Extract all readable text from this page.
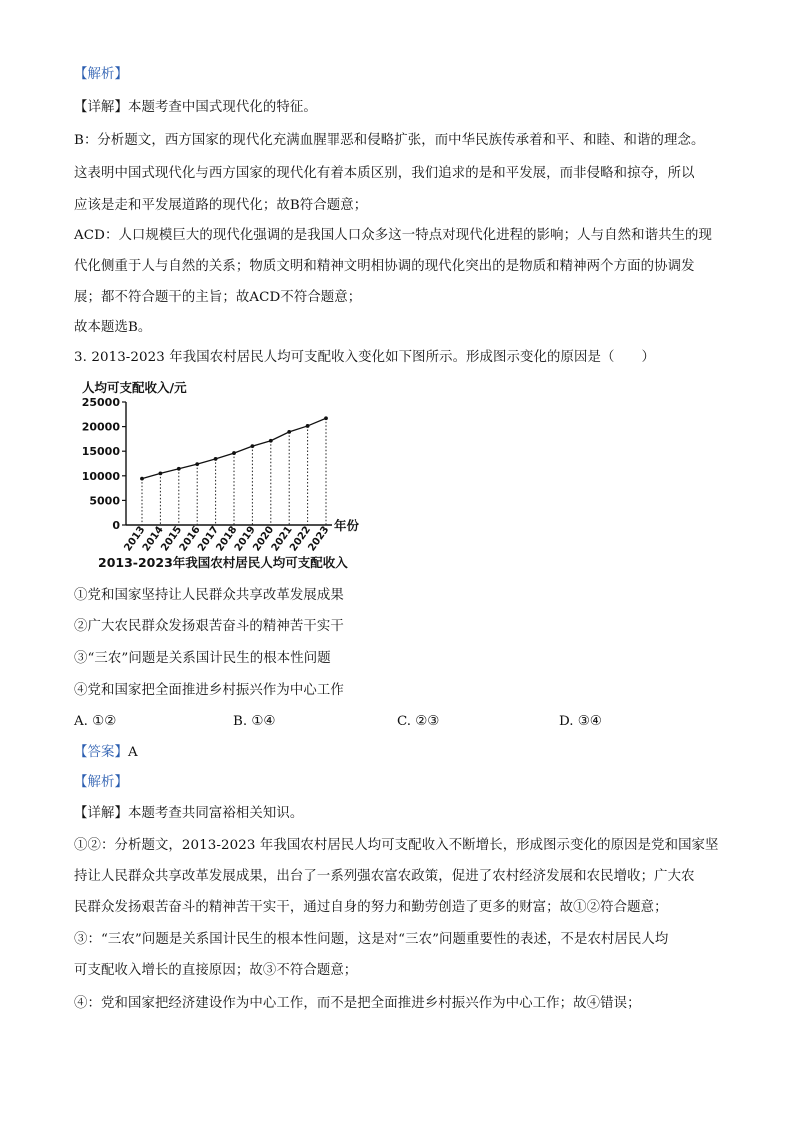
【解析】
【详解】本题考查中国式现代化的特征。
B：分析题文，西方国家的现代化充满血腥罪恶和侵略扩张，而中华民族传承着和平、和睦、和谐的理念。
这表明中国式现代化与西方国家的现代化有着本质区别，我们追求的是和平发展，而非侵略和掠夺，所以
应该是走和平发展道路的现代化；故B符合题意；
ACD：人口规模巨大的现代化强调的是我国人口众多这一特点对现代化进程的影响；人与自然和谐共生的现
代化侧重于人与自然的关系；物质文明和精神文明相协调的现代化突出的是物质和精神两个方面的协调发
展；都不符合题干的主旨；故ACD不符合题意；
故本题选B。
3. 2013-2023 年我国农村居民人均可支配收入变化如下图所示。形成图示变化的原因是（　　）
人均可支配收入/元
25000
20000
15000
10000
5000
0 2013
2014
2015
2016
2017
2018
2019
2020
2021
2022
2023 年份
2013-2023年我国农村居民人均可支配收入
①党和国家坚持让人民群众共享改革发展成果
②广大农民群众发扬艰苦奋斗的精神苦干实干
③“三农”问题是关系国计民生的根本性问题
④党和国家把全面推进乡村振兴作为中心工作
A. ①②	B. ①④	C. ②③	D. ③④
【答案】A
【解析】
【详解】本题考查共同富裕相关知识。
①②：分析题文，2013-2023 年我国农村居民人均可支配收入不断增长，形成图示变化的原因是党和国家坚
持让人民群众共享改革发展成果，出台了一系列强农富农政策，促进了农村经济发展和农民增收；广大农
民群众发扬艰苦奋斗的精神苦干实干，通过自身的努力和勤劳创造了更多的财富；故①②符合题意；
③：“三农”问题是关系国计民生的根本性问题，这是对“三农”问题重要性的表述，不是农村居民人均
可支配收入增长的直接原因；故③不符合题意；
④：党和国家把经济建设作为中心工作，而不是把全面推进乡村振兴作为中心工作；故④错误；
